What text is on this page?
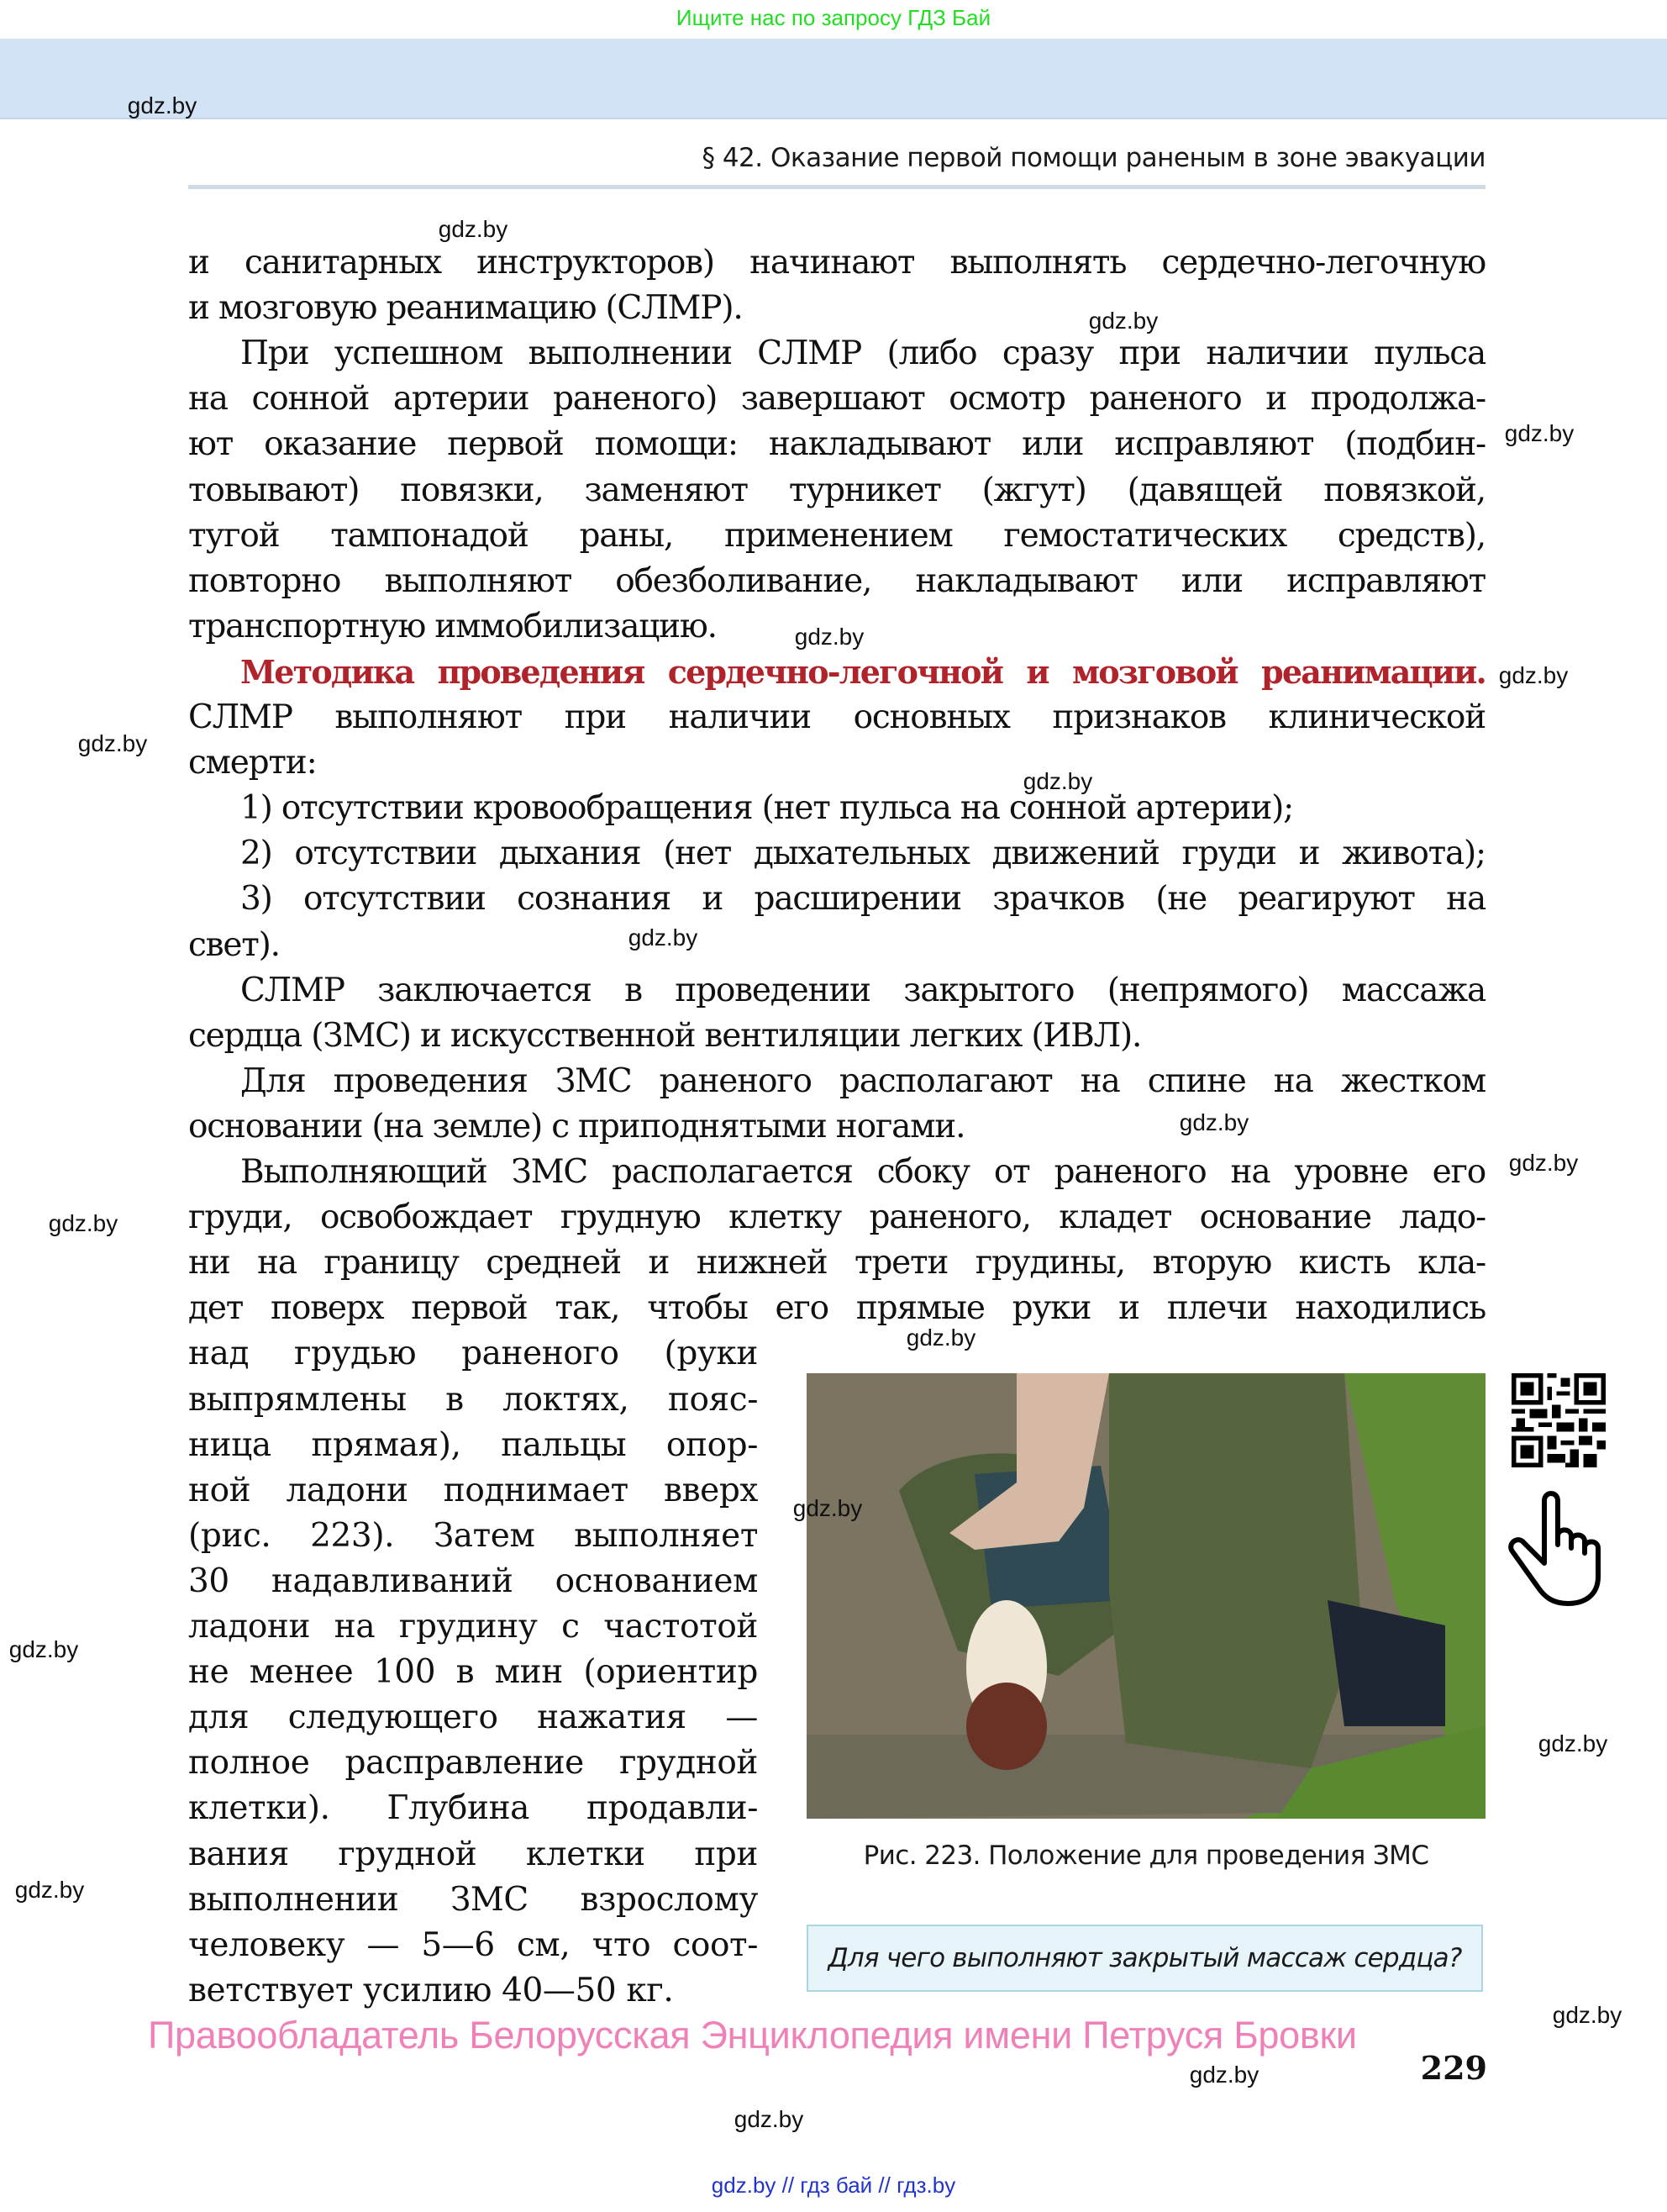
Ищите нас по запросу ГДЗ Бай
gdz.by
§ 42. Оказание первой помощи раненым в зоне эвакуации
и санитарных инструкторов) начинают выполнять сердечно-легочную
и мозговую реанимацию (СЛМР).
При успешном выполнении СЛМР (либо сразу при наличии пульса
на сонной артерии раненого) завершают осмотр раненого и продолжа-
ют оказание первой помощи: накладывают или исправляют (подбин-
товывают) повязки, заменяют турникет (жгут) (давящей повязкой,
тугой тампонадой раны, применением гемостатических средств),
повторно выполняют обезболивание, накладывают или исправляют
транспортную иммобилизацию.
Методика проведения сердечно-легочной и мозговой реанимации.
СЛМР выполняют при наличии основных признаков клинической
смерти:
1) отсутствии кровообращения (нет пульса на сонной артерии);
2) отсутствии дыхания (нет дыхательных движений груди и живота);
3) отсутствии сознания и расширении зрачков (не реагируют на
свет).
СЛМР заключается в проведении закрытого (непрямого) массажа
сердца (ЗМС) и искусственной вентиляции легких (ИВЛ).
Для проведения ЗМС раненого располагают на спине на жестком
основании (на земле) с приподнятыми ногами.
Выполняющий ЗМС располагается сбоку от раненого на уровне его
груди, освобождает грудную клетку раненого, кладет основание ладо-
ни на границу средней и нижней трети грудины, вторую кисть кла-
дет поверх первой так, чтобы его прямые руки и плечи находились
над грудью раненого (руки
выпрямлены в локтях, пояс-
ница прямая), пальцы опор-
ной ладони поднимает вверх
(рис. 223). Затем выполняет
30 надавливаний основанием
ладони на грудину с частотой
не менее 100 в мин (ориентир
для следующего нажатия —
полное расправление грудной
клетки). Глубина продавли-
вания грудной клетки при
выполнении ЗМС взрослому
человеку — 5—6 см, что соот-
ветствует усилию 40—50 кг.
Рис. 223. Положение для проведения ЗМС
Для чего выполняют закрытый массаж сердца?
Правообладатель Белорусская Энциклопедия имени Петруся Бровки
229
gdz.by // гдз бай // гдз.by
gdz.by
gdz.by
gdz.by
gdz.by
gdz.by
gdz.by
gdz.by
gdz.by
gdz.by
gdz.by
gdz.by
gdz.by
gdz.by
gdz.by
gdz.by
gdz.by
gdz.by
gdz.by
gdz.by
